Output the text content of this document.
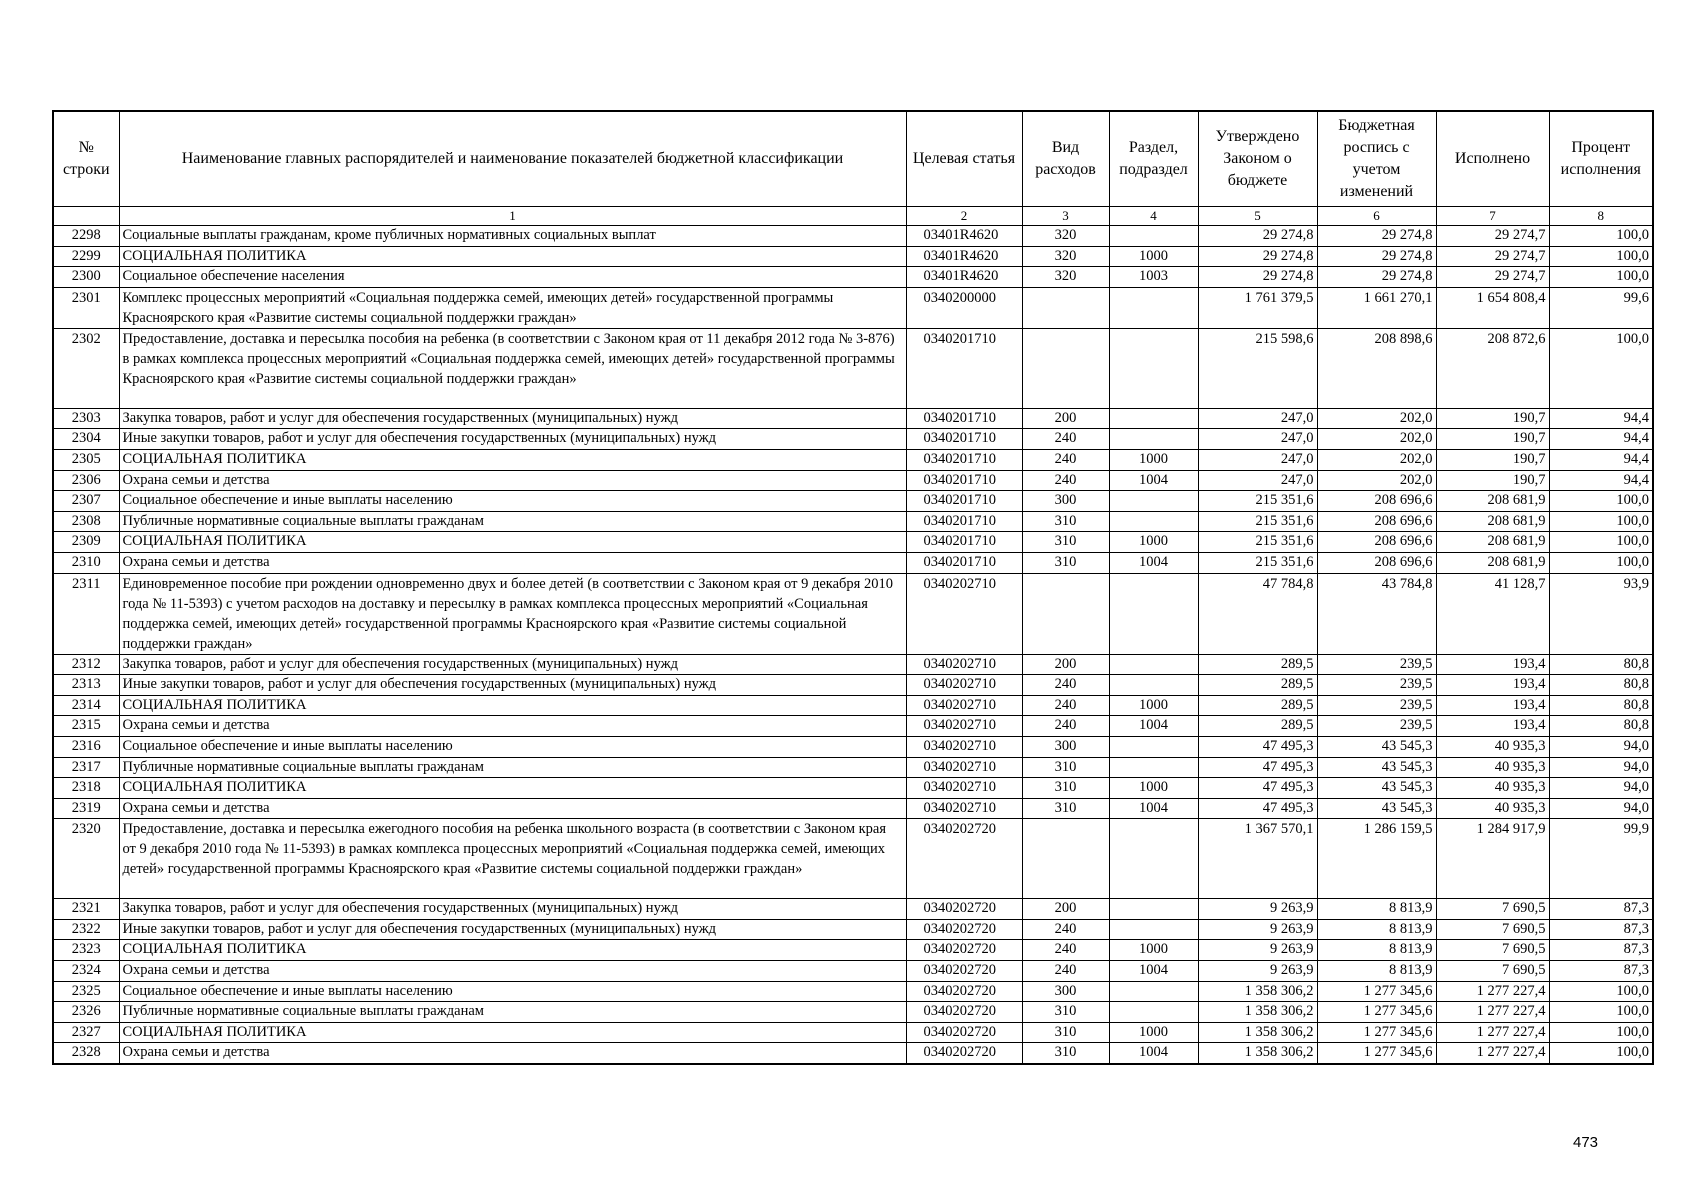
№ строки	Наименование главных распорядителей и наименование показателей бюджетной классификации	Целевая статья	Вид расходов	Раздел, подраздел	Утверждено Законом о бюджете	Бюджетная роспись с учетом изменений	Исполнено	Процент исполнения
	1	2	3	4	5	6	7	8
2298	Социальные выплаты гражданам, кроме публичных нормативных социальных выплат	03401R4620	320		29 274,8	29 274,8	29 274,7	100,0
2299	СОЦИАЛЬНАЯ ПОЛИТИКА	03401R4620	320	1000	29 274,8	29 274,8	29 274,7	100,0
2300	Социальное обеспечение населения	03401R4620	320	1003	29 274,8	29 274,8	29 274,7	100,0
2301	Комплекс процессных мероприятий «Социальная поддержка семей, имеющих детей» государственной программы Красноярского края «Развитие системы социальной поддержки граждан»	0340200000			1 761 379,5	1 661 270,1	1 654 808,4	99,6
2302	Предоставление, доставка и пересылка пособия на ребенка (в соответствии с Законом края от 11 декабря 2012 года № 3-876) в рамках комплекса процессных мероприятий «Социальная поддержка семей, имеющих детей» государственной программы Красноярского края «Развитие системы социальной поддержки граждан»	0340201710			215 598,6	208 898,6	208 872,6	100,0
2303	Закупка товаров, работ и услуг для обеспечения государственных (муниципальных) нужд	0340201710	200		247,0	202,0	190,7	94,4
2304	Иные закупки товаров, работ и услуг для обеспечения государственных (муниципальных) нужд	0340201710	240		247,0	202,0	190,7	94,4
2305	СОЦИАЛЬНАЯ ПОЛИТИКА	0340201710	240	1000	247,0	202,0	190,7	94,4
2306	Охрана семьи и детства	0340201710	240	1004	247,0	202,0	190,7	94,4
2307	Социальное обеспечение и иные выплаты населению	0340201710	300		215 351,6	208 696,6	208 681,9	100,0
2308	Публичные нормативные социальные выплаты гражданам	0340201710	310		215 351,6	208 696,6	208 681,9	100,0
2309	СОЦИАЛЬНАЯ ПОЛИТИКА	0340201710	310	1000	215 351,6	208 696,6	208 681,9	100,0
2310	Охрана семьи и детства	0340201710	310	1004	215 351,6	208 696,6	208 681,9	100,0
2311	Единовременное пособие при рождении одновременно двух и более детей (в соответствии с Законом края от 9 декабря 2010 года № 11-5393) с учетом расходов на доставку и пересылку в рамках комплекса процессных мероприятий «Социальная поддержка семей, имеющих детей» государственной программы Красноярского края «Развитие системы социальной поддержки граждан»	0340202710			47 784,8	43 784,8	41 128,7	93,9
2312	Закупка товаров, работ и услуг для обеспечения государственных (муниципальных) нужд	0340202710	200		289,5	239,5	193,4	80,8
2313	Иные закупки товаров, работ и услуг для обеспечения государственных (муниципальных) нужд	0340202710	240		289,5	239,5	193,4	80,8
2314	СОЦИАЛЬНАЯ ПОЛИТИКА	0340202710	240	1000	289,5	239,5	193,4	80,8
2315	Охрана семьи и детства	0340202710	240	1004	289,5	239,5	193,4	80,8
2316	Социальное обеспечение и иные выплаты населению	0340202710	300		47 495,3	43 545,3	40 935,3	94,0
2317	Публичные нормативные социальные выплаты гражданам	0340202710	310		47 495,3	43 545,3	40 935,3	94,0
2318	СОЦИАЛЬНАЯ ПОЛИТИКА	0340202710	310	1000	47 495,3	43 545,3	40 935,3	94,0
2319	Охрана семьи и детства	0340202710	310	1004	47 495,3	43 545,3	40 935,3	94,0
2320	Предоставление, доставка и пересылка ежегодного пособия на ребенка школьного возраста (в соответствии с Законом края от 9 декабря 2010 года № 11-5393) в рамках комплекса процессных мероприятий «Социальная поддержка семей, имеющих детей» государственной программы Красноярского края «Развитие системы социальной поддержки граждан»	0340202720			1 367 570,1	1 286 159,5	1 284 917,9	99,9
2321	Закупка товаров, работ и услуг для обеспечения государственных (муниципальных) нужд	0340202720	200		9 263,9	8 813,9	7 690,5	87,3
2322	Иные закупки товаров, работ и услуг для обеспечения государственных (муниципальных) нужд	0340202720	240		9 263,9	8 813,9	7 690,5	87,3
2323	СОЦИАЛЬНАЯ ПОЛИТИКА	0340202720	240	1000	9 263,9	8 813,9	7 690,5	87,3
2324	Охрана семьи и детства	0340202720	240	1004	9 263,9	8 813,9	7 690,5	87,3
2325	Социальное обеспечение и иные выплаты населению	0340202720	300		1 358 306,2	1 277 345,6	1 277 227,4	100,0
2326	Публичные нормативные социальные выплаты гражданам	0340202720	310		1 358 306,2	1 277 345,6	1 277 227,4	100,0
2327	СОЦИАЛЬНАЯ ПОЛИТИКА	0340202720	310	1000	1 358 306,2	1 277 345,6	1 277 227,4	100,0
2328	Охрана семьи и детства	0340202720	310	1004	1 358 306,2	1 277 345,6	1 277 227,4	100,0
473
